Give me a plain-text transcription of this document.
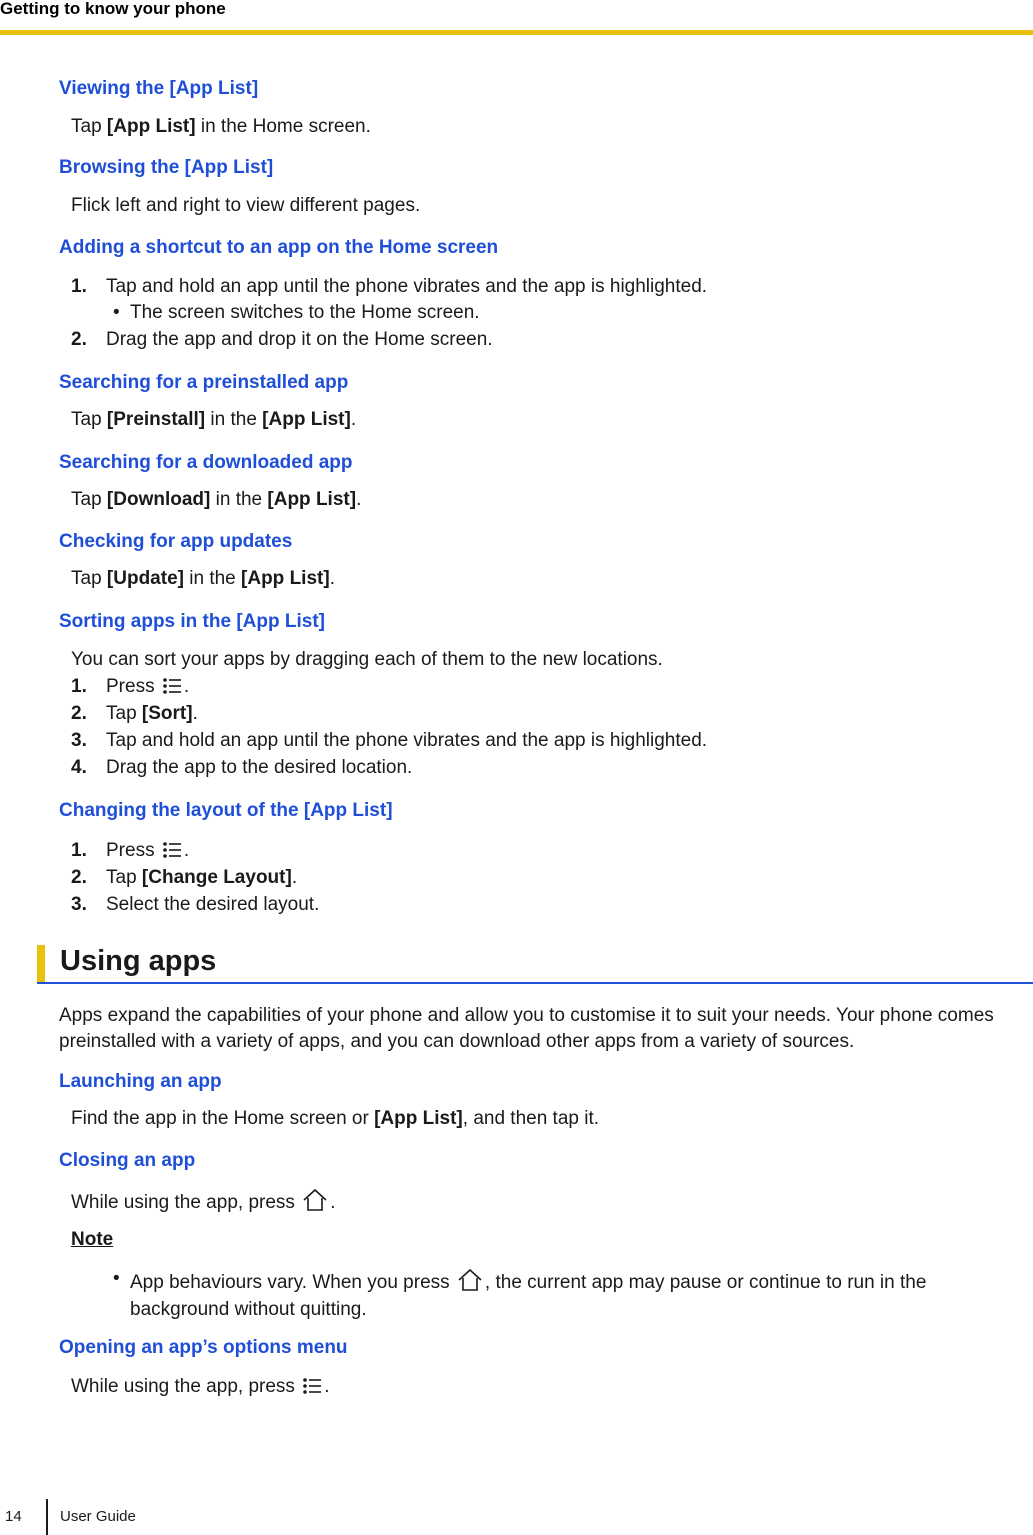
Getting to know your phone
Viewing the [App List]
Tap [App List] in the Home screen.
Browsing the [App List]
Flick left and right to view different pages.
Adding a shortcut to an app on the Home screen
1. Tap and hold an app until the phone vibrates and the app is highlighted.
• The screen switches to the Home screen.
2. Drag the app and drop it on the Home screen.
Searching for a preinstalled app
Tap [Preinstall] in the [App List].
Searching for a downloaded app
Tap [Download] in the [App List].
Checking for app updates
Tap [Update] in the [App List].
Sorting apps in the [App List]
You can sort your apps by dragging each of them to the new locations.
1. Press .
2. Tap [Sort].
3. Tap and hold an app until the phone vibrates and the app is highlighted.
4. Drag the app to the desired location.
Changing the layout of the [App List]
1. Press .
2. Tap [Change Layout].
3. Select the desired layout.
Using apps
Apps expand the capabilities of your phone and allow you to customise it to suit your needs. Your phone comes preinstalled with a variety of apps, and you can download other apps from a variety of sources.
Launching an app
Find the app in the Home screen or [App List], and then tap it.
Closing an app
While using the app, press .
Note
• App behaviours vary. When you press , the current app may pause or continue to run in the background without quitting.
Opening an app’s options menu
While using the app, press .
14	User Guide
